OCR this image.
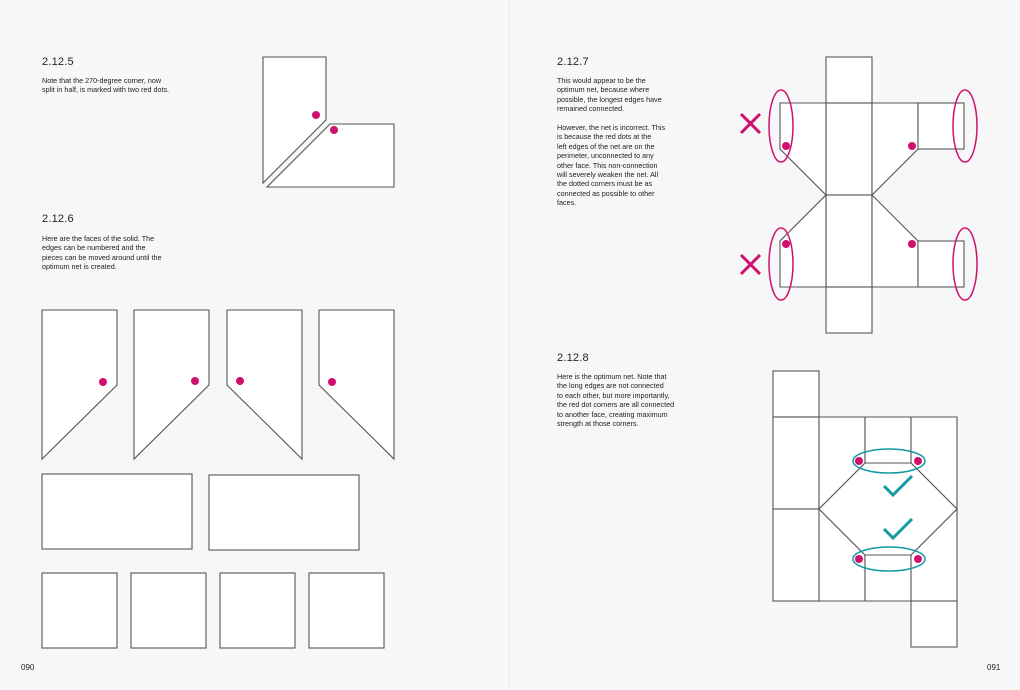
2.12.5

Note that the 270-degree corner, now
split in half, is marked with two red dots.

2.12.6

Here are the faces of the solid. The
edges can be numbered and the
pieces can be moved around until the
optimum net is created.

090
2.12.7

This would appear to be the
optimum net, because where
possible, the longest edges have
remained connected.

However, the net is incorrect. This
is because the red dots at the
left edges of the net are on the
perimeter, unconnected to any
other face. This non-connection
will severely weaken the net. All
the dotted corners must be as
connected as possible to other
faces.

2.12.8

Here is the optimum net. Note that
the long edges are not connected
to each other, but more importantly,
the red dot corners are all connected
to another face, creating maximum
strength at those corners.

091
